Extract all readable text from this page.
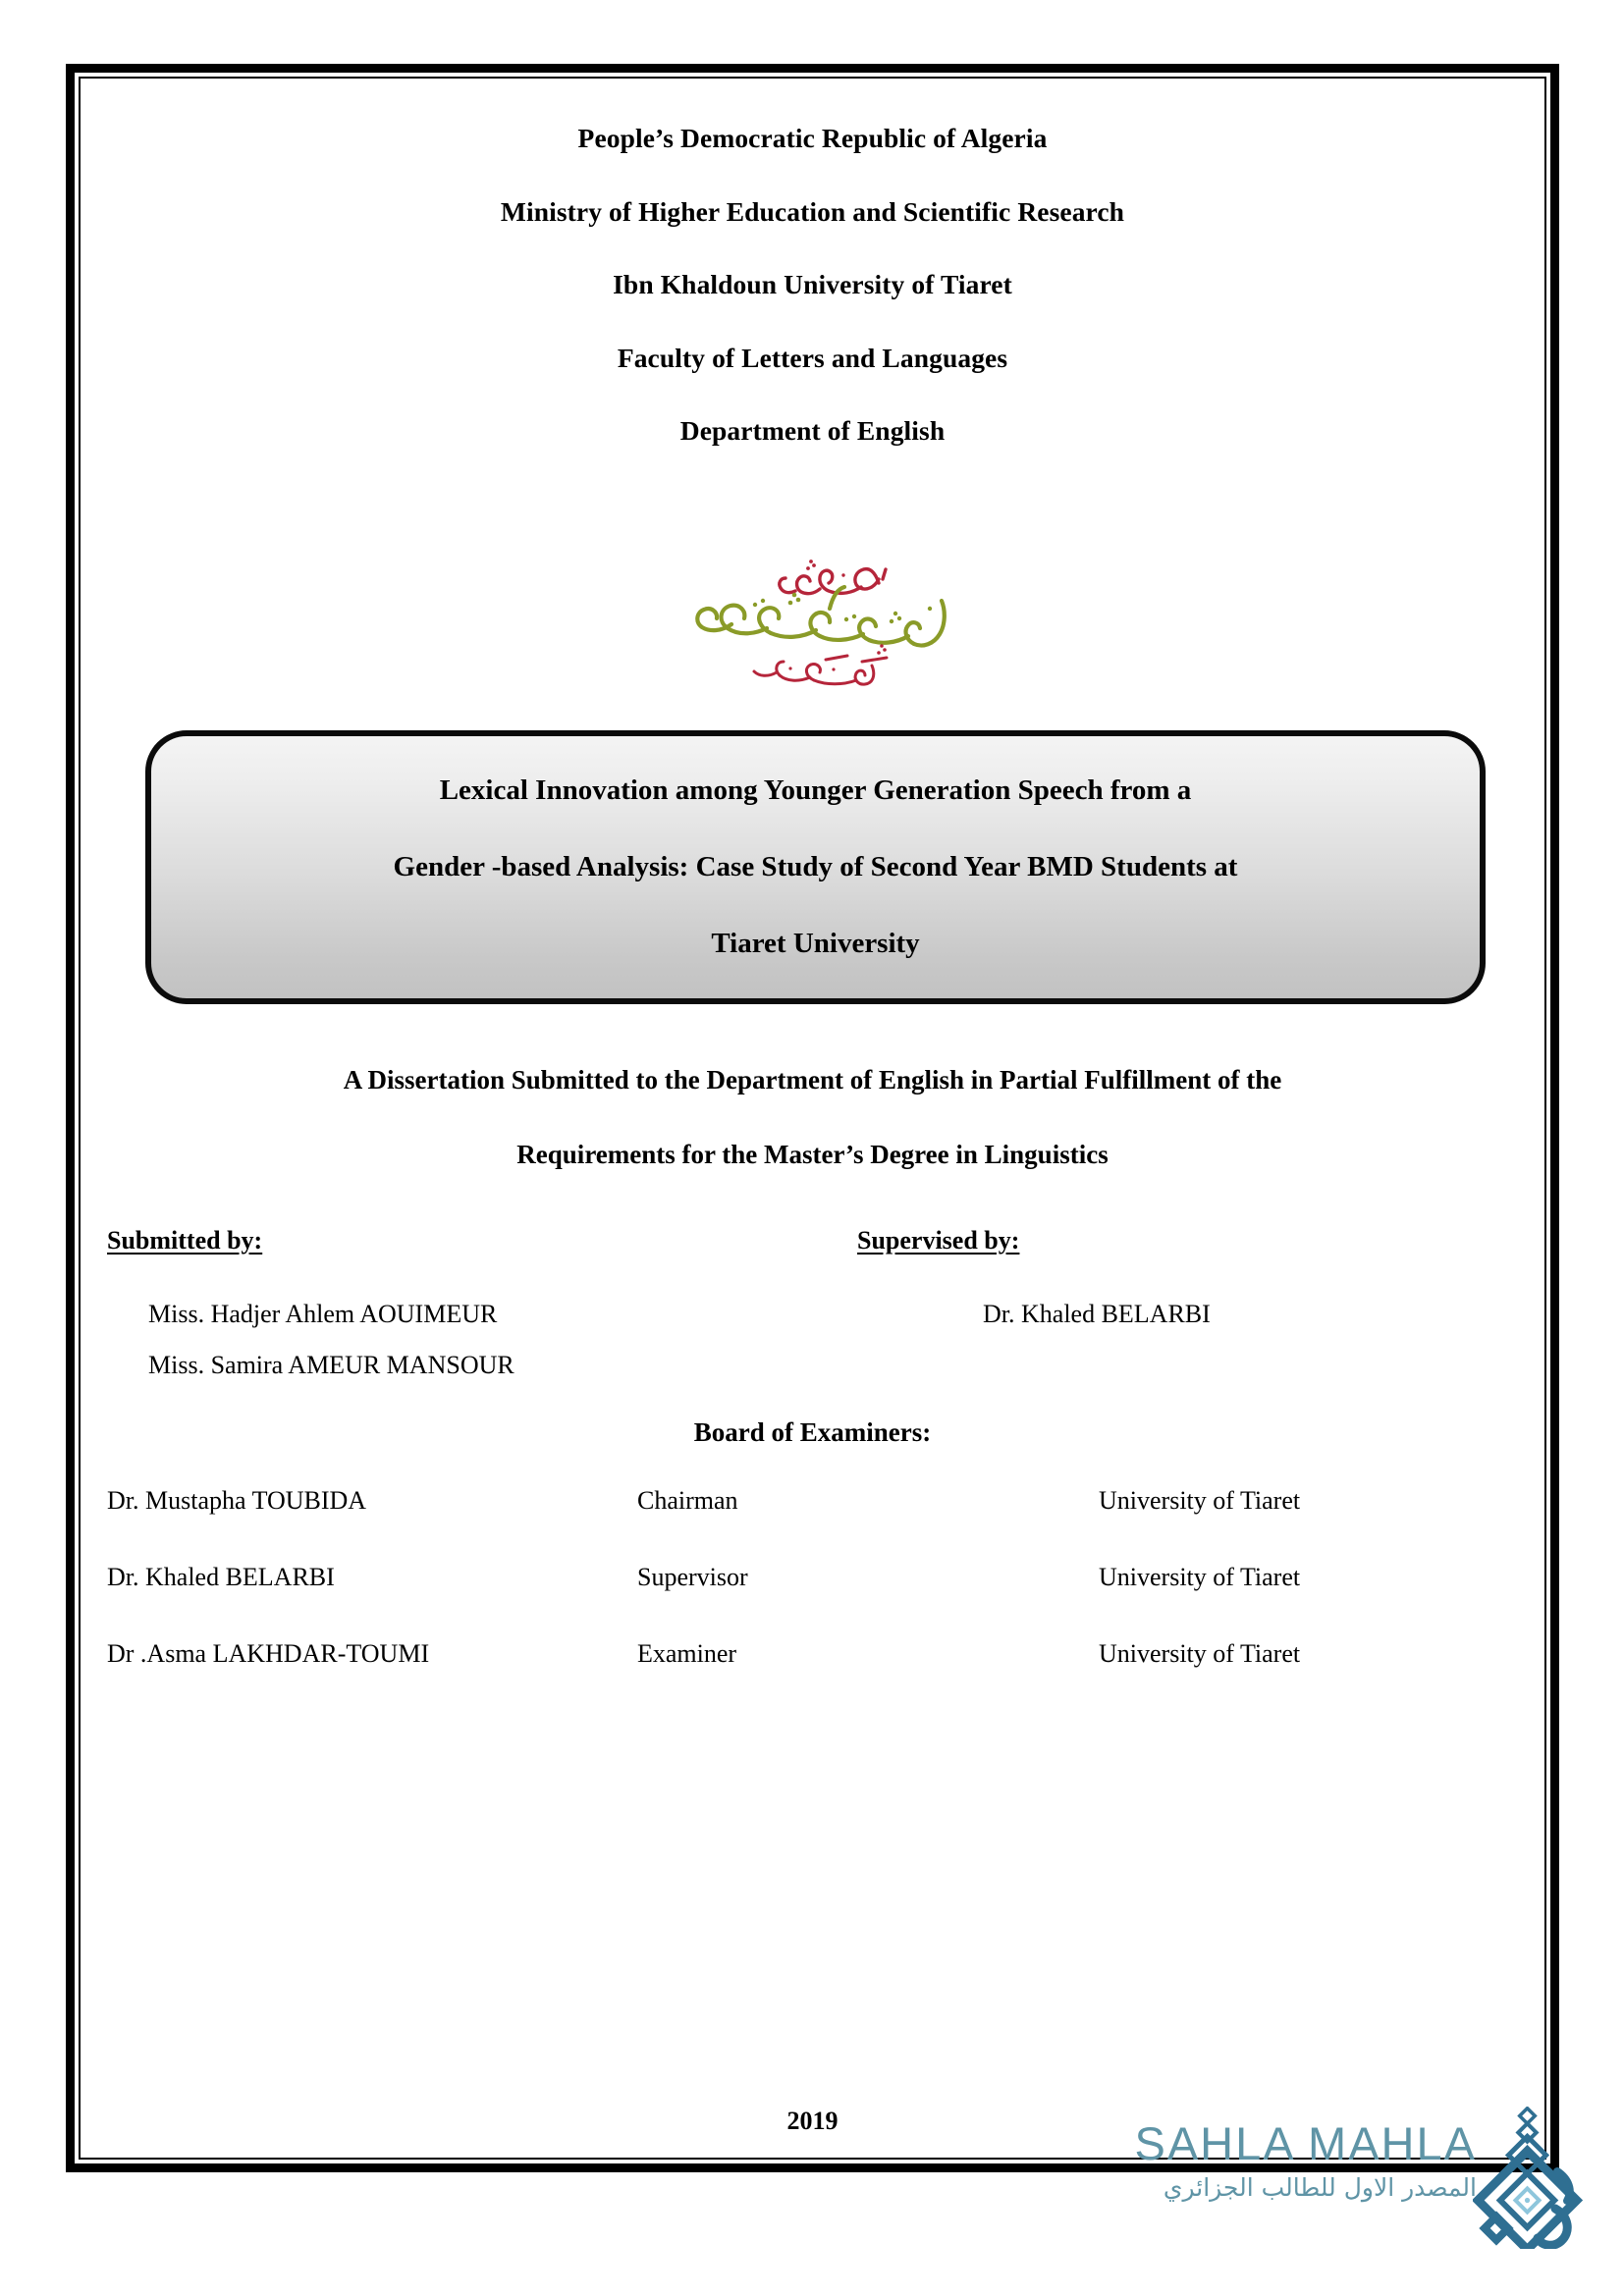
People’s Democratic Republic of Algeria

Ministry of Higher Education and Scientific Research

Ibn Khaldoun University of Tiaret

Faculty of Letters and Languages

Department of English

Lexical Innovation among Younger Generation Speech from a

Gender -based Analysis: Case Study of Second Year BMD Students at

Tiaret University

A Dissertation Submitted to the Department of English in Partial Fulfillment of the

Requirements for the Master’s Degree in Linguistics

Submitted by:

Miss. Hadjer Ahlem AOUIMEUR

Miss. Samira AMEUR MANSOUR

Supervised by:

Dr. Khaled BELARBI

Board of Examiners:
Dr. Mustapha TOUBIDA	Chairman	University of Tiaret
Dr. Khaled BELARBI	Supervisor	University of Tiaret
Dr .Asma LAKHDAR-TOUMI	Examiner	University of Tiaret
2019	SAHLA MAHLA

المصدر الاول للطالب الجزائري
